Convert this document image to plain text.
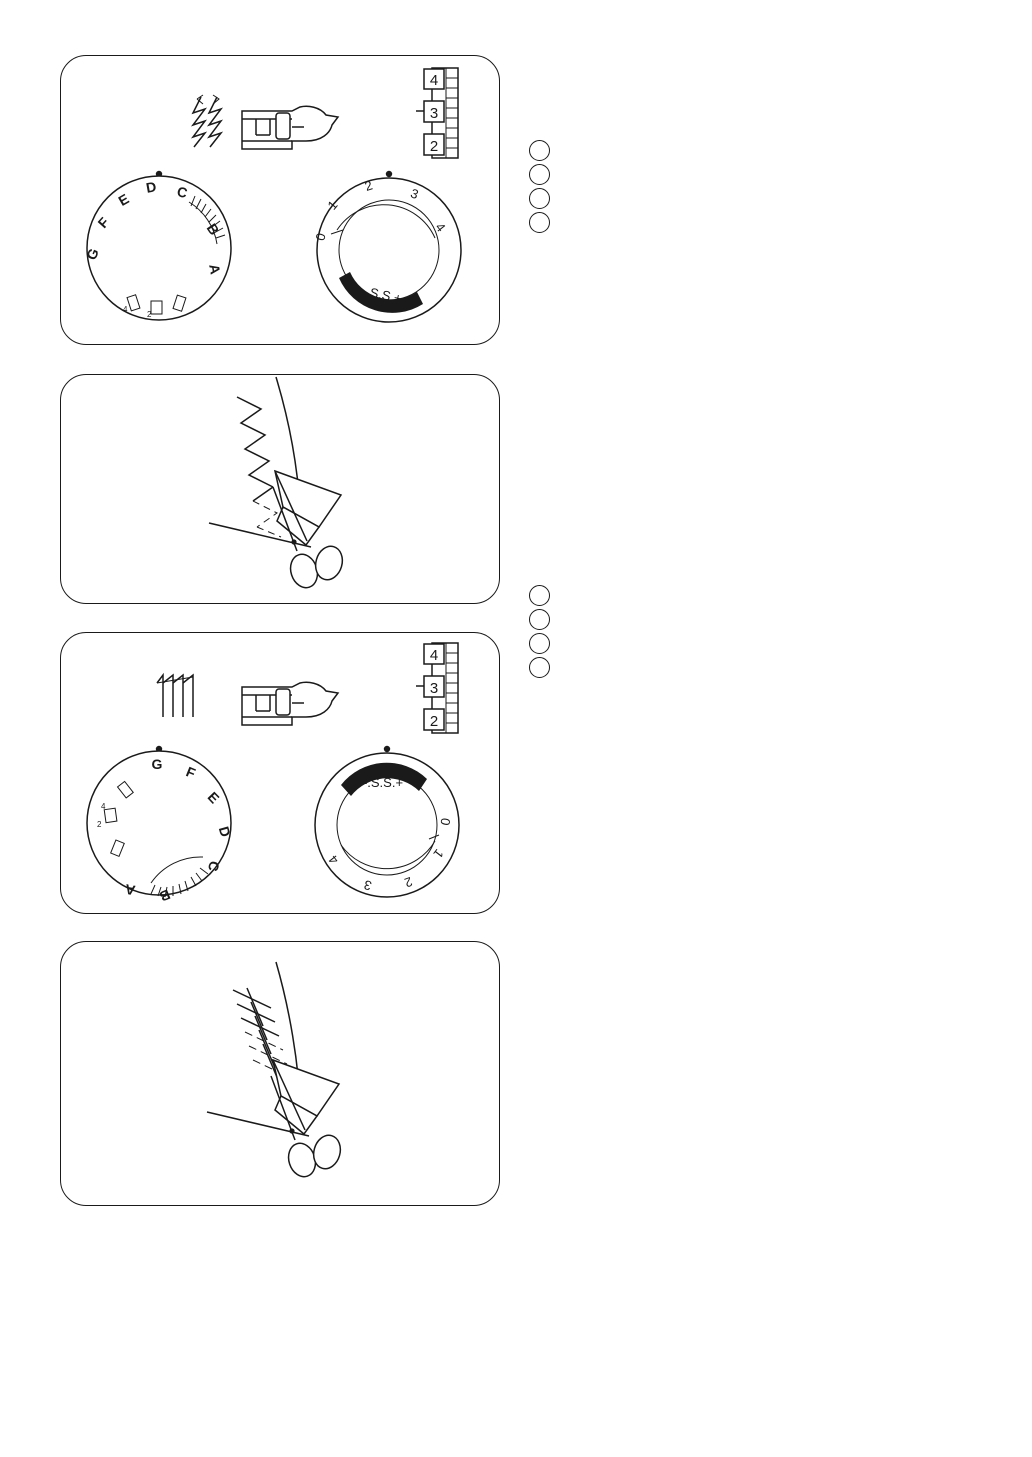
4
3
2
G
F
E
D C
B
A
4
2
0
1
2	3
4
-.S.S.+
4
3
2
G F
E
D
C
B
A
4
2
-.S.S.+
0
1
2
3
4
